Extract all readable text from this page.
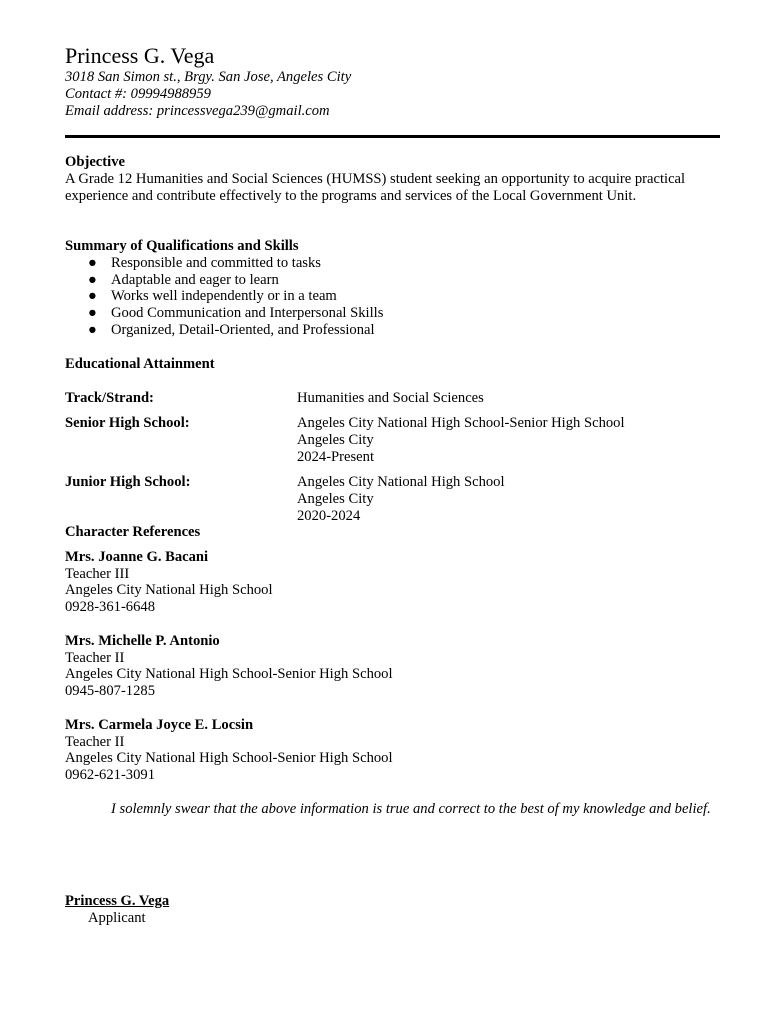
Princess G. Vega
3018 San Simon st., Brgy. San Jose, Angeles City
Contact #: 09994988959
Email address: princessvega239@gmail.com
Objective
A Grade 12 Humanities and Social Sciences (HUMSS) student seeking an opportunity to acquire practical experience and contribute effectively to the programs and services of the Local Government Unit.
Summary of Qualifications and Skills
● Responsible and committed to tasks
● Adaptable and eager to learn
● Works well independently or in a team
● Good Communication and Interpersonal Skills
● Organized, Detail-Oriented, and Professional
Educational Attainment
Track/Strand:	Humanities and Social Sciences
Senior High School:	Angeles City National High School-Senior High School
Angeles City
2024-Present
Junior High School:	Angeles City National High School
Angeles City
2020-2024
Character References
Mrs. Joanne G. Bacani
Teacher III
Angeles City National High School
0928-361-6648
Mrs. Michelle P. Antonio
Teacher II
Angeles City National High School-Senior High School
0945-807-1285
Mrs. Carmela Joyce E. Locsin
Teacher II
Angeles City National High School-Senior High School
0962-621-3091
I solemnly swear that the above information is true and correct to the best of my knowledge and belief.
Princess G. Vega
Applicant
